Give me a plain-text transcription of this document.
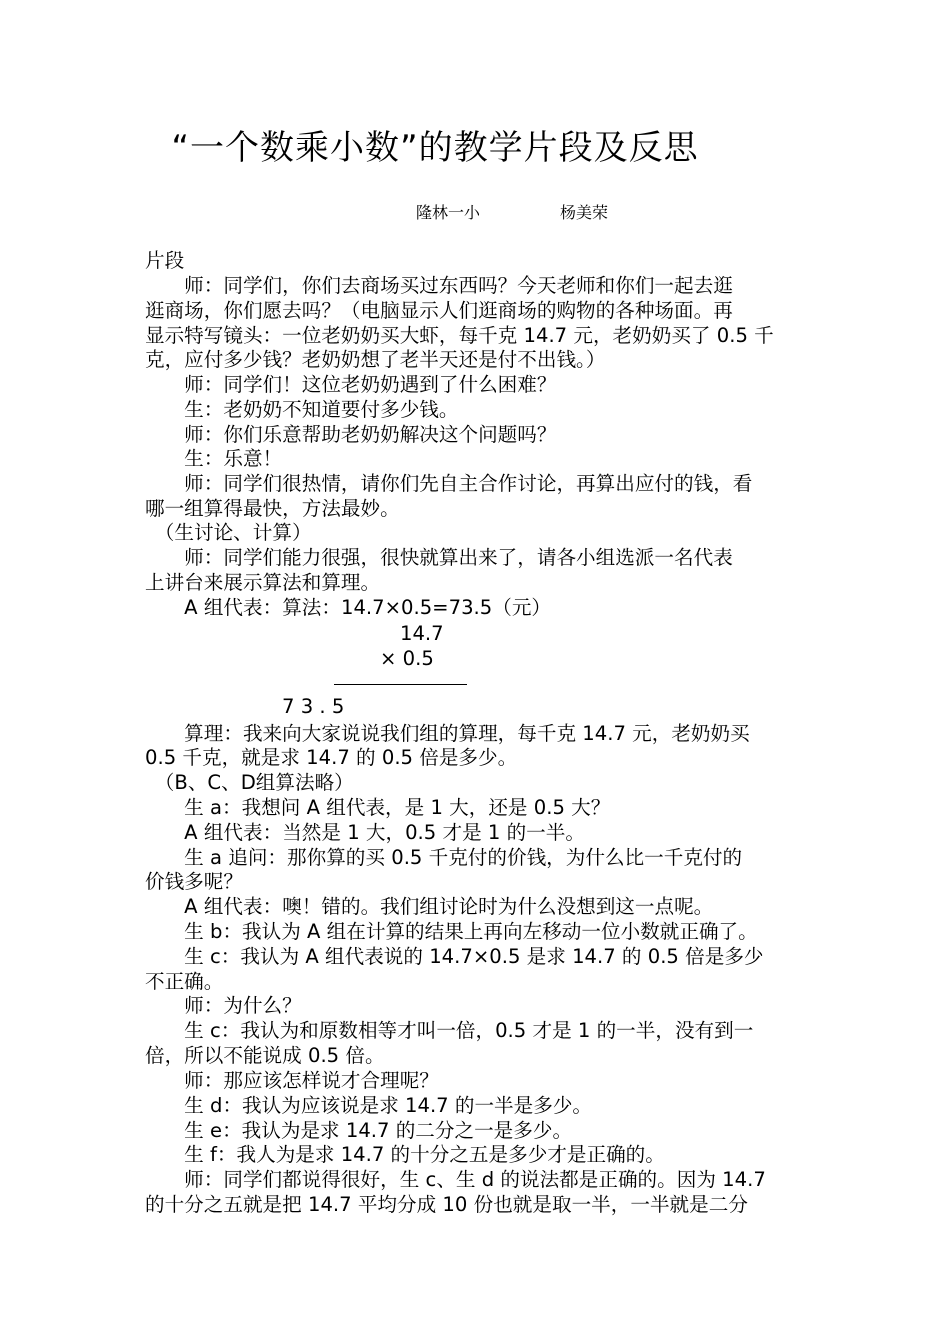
“一个数乘小数”的教学片段及反思
隆林一小	杨美荣
片段
　　师：同学们，你们去商场买过东西吗？今天老师和你们一起去逛
逛商场，你们愿去吗？（电脑显示人们逛商场的购物的各种场面。再
显示特写镜头：一位老奶奶买大虾，每千克 14.7 元，老奶奶买了 0.5 千
克，应付多少钱？老奶奶想了老半天还是付不出钱。）
　　师：同学们！这位老奶奶遇到了什么困难？
　　生：老奶奶不知道要付多少钱。
　　师：你们乐意帮助老奶奶解决这个问题吗？
　　生：乐意！
　　师：同学们很热情，请你们先自主合作讨论，再算出应付的钱，看
哪一组算得最快，方法最妙。
　（生讨论、计算）
　　师：同学们能力很强，很快就算出来了，请各小组选派一名代表
上讲台来展示算法和算理。
　　A 组代表：算法：14.7×0.5=73.5（元）
14.7
× 0.5
7 3 . 5
　　算理：我来向大家说说我们组的算理，每千克 14.7 元，老奶奶买
0.5 千克，就是求 14.7 的 0.5 倍是多少。
　（B、C、D组算法略）
　　生 a：我想问 A 组代表，是 1 大，还是 0.5 大？
　　A 组代表：当然是 1 大，0.5 才是 1 的一半。
　　生 a 追问：那你算的买 0.5 千克付的价钱，为什么比一千克付的
价钱多呢？
　　A 组代表：噢！错的。我们组讨论时为什么没想到这一点呢。
　　生 b：我认为 A 组在计算的结果上再向左移动一位小数就正确了。
　　生 c：我认为 A 组代表说的 14.7×0.5 是求 14.7 的 0.5 倍是多少
不正确。
　　师：为什么？
　　生 c：我认为和原数相等才叫一倍，0.5 才是 1 的一半，没有到一
倍，所以不能说成 0.5 倍。
　　师：那应该怎样说才合理呢？
　　生 d：我认为应该说是求 14.7 的一半是多少。
　　生 e：我认为是求 14.7 的二分之一是多少。
　　生 f：我人为是求 14.7 的十分之五是多少才是正确的。
　　师：同学们都说得很好，生 c、生 d 的说法都是正确的。因为 14.7
的十分之五就是把 14.7 平均分成 10 份也就是取一半，一半就是二分
